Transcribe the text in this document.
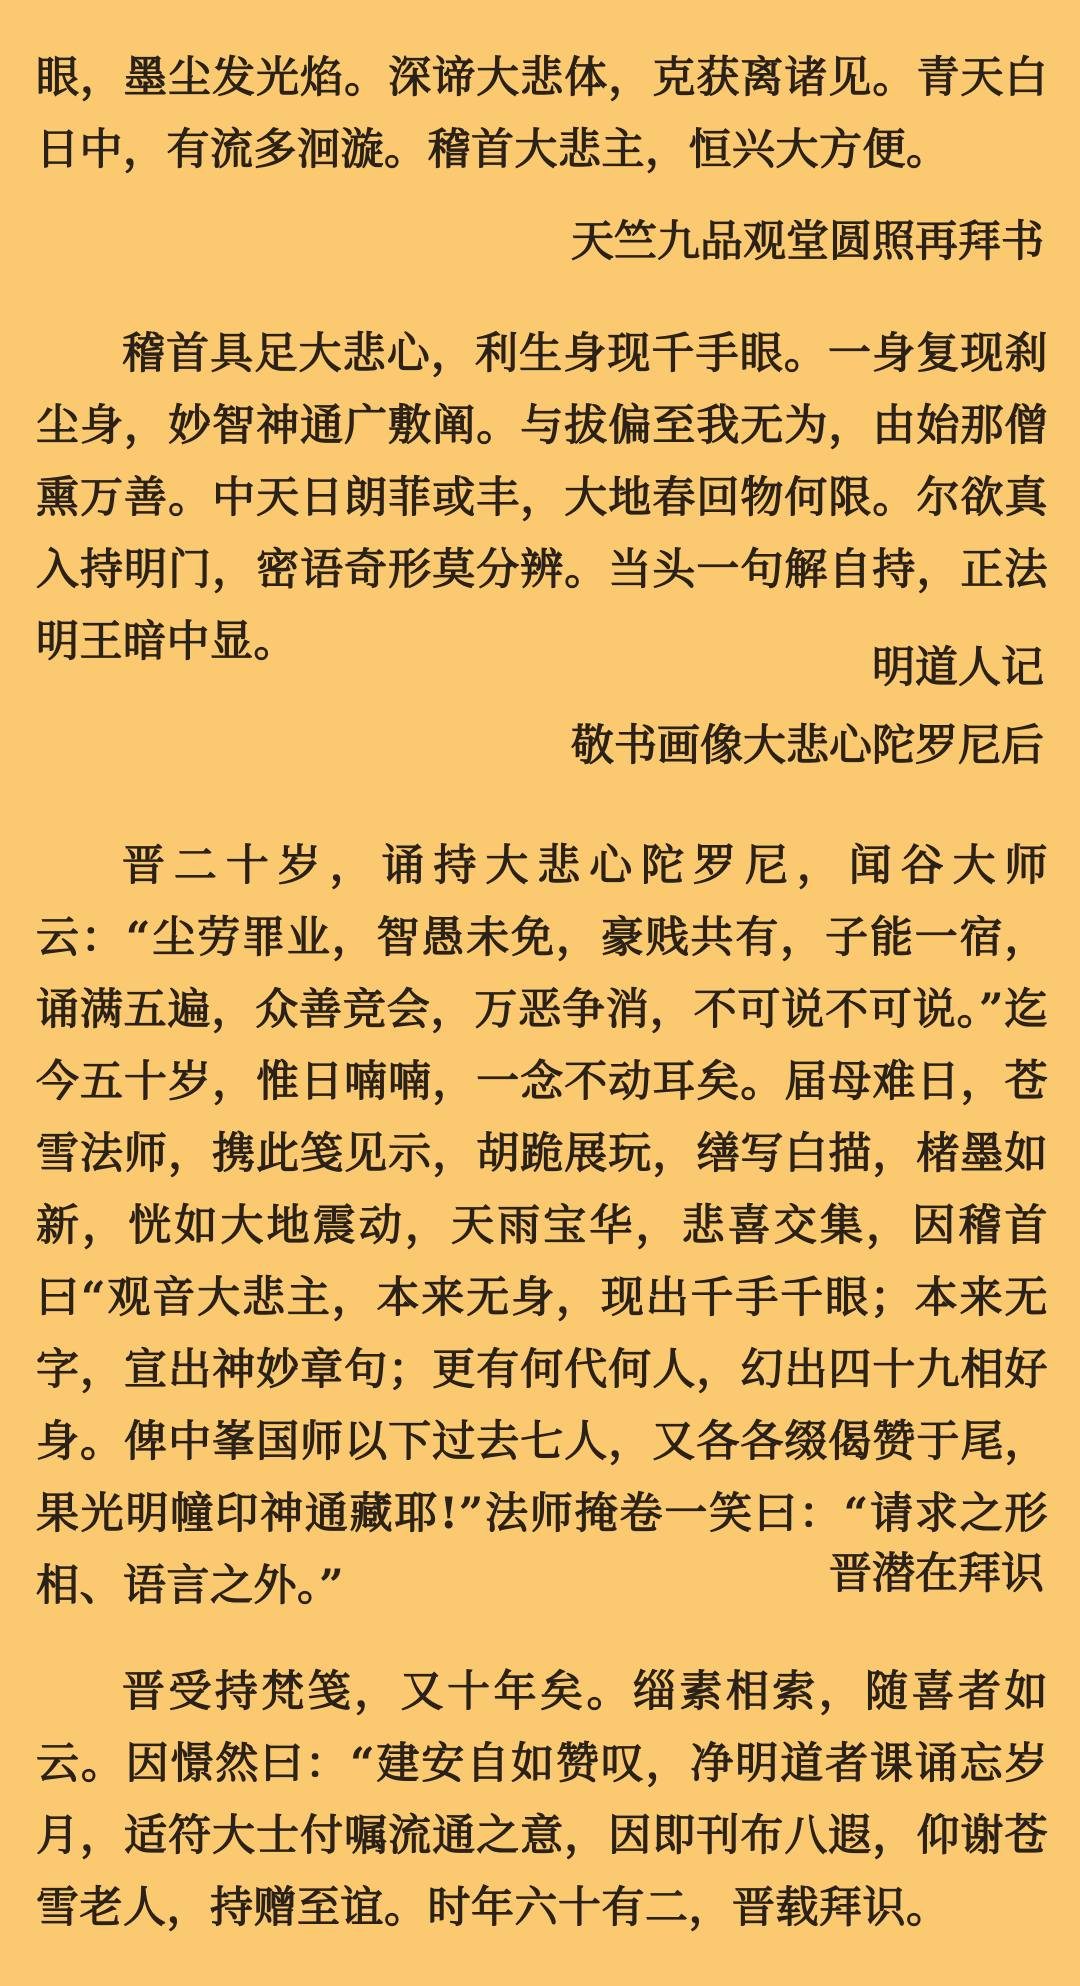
眼，墨尘发光焰。深谛大悲体，克获离诸见。青天白日中，有流多洄漩。稽首大悲主，恒兴大方便。

天竺九品观堂圆照再拜书

稽首具足大悲心，利生身现千手眼。一身复现刹尘身，妙智神通广敷阐。与拔偏至我无为，由始那僧熏万善。中天日朗菲或丰，大地春回物何限。尔欲真入持明门，密语奇形莫分辨。当头一句解自持，正法明王暗中显。

明道人记

敬书画像大悲心陀罗尼后

晋二十岁，诵持大悲心陀罗尼，闻谷大师云：“尘劳罪业，智愚未免，豪贱共有，子能一宿，诵满五遍，众善竞会，万恶争消，不可说不可说。”迄今五十岁，惟日喃喃，一念不动耳矣。届母难日，苍雪法师，携此笺见示，胡跪展玩，缮写白描，楮墨如新，恍如大地震动，天雨宝华，悲喜交集，因稽首曰“观音大悲主，本来无身，现出千手千眼；本来无字，宣出神妙章句；更有何代何人，幻出四十九相好身。俾中峯国师以下过去七人，又各各缀偈赞于尾，果光明幢印神通藏耶!”法师掩卷一笑曰：“请求之形相、语言之外。”	晋潜在拜识

晋受持梵笺，又十年矣。缁素相索，随喜者如云。因憬然曰：“建安自如赞叹，净明道者课诵忘岁月，适符大士付嘱流通之意，因即刊布八遐，仰谢苍雪老人，持赠至谊。时年六十有二，晋载拜识。
